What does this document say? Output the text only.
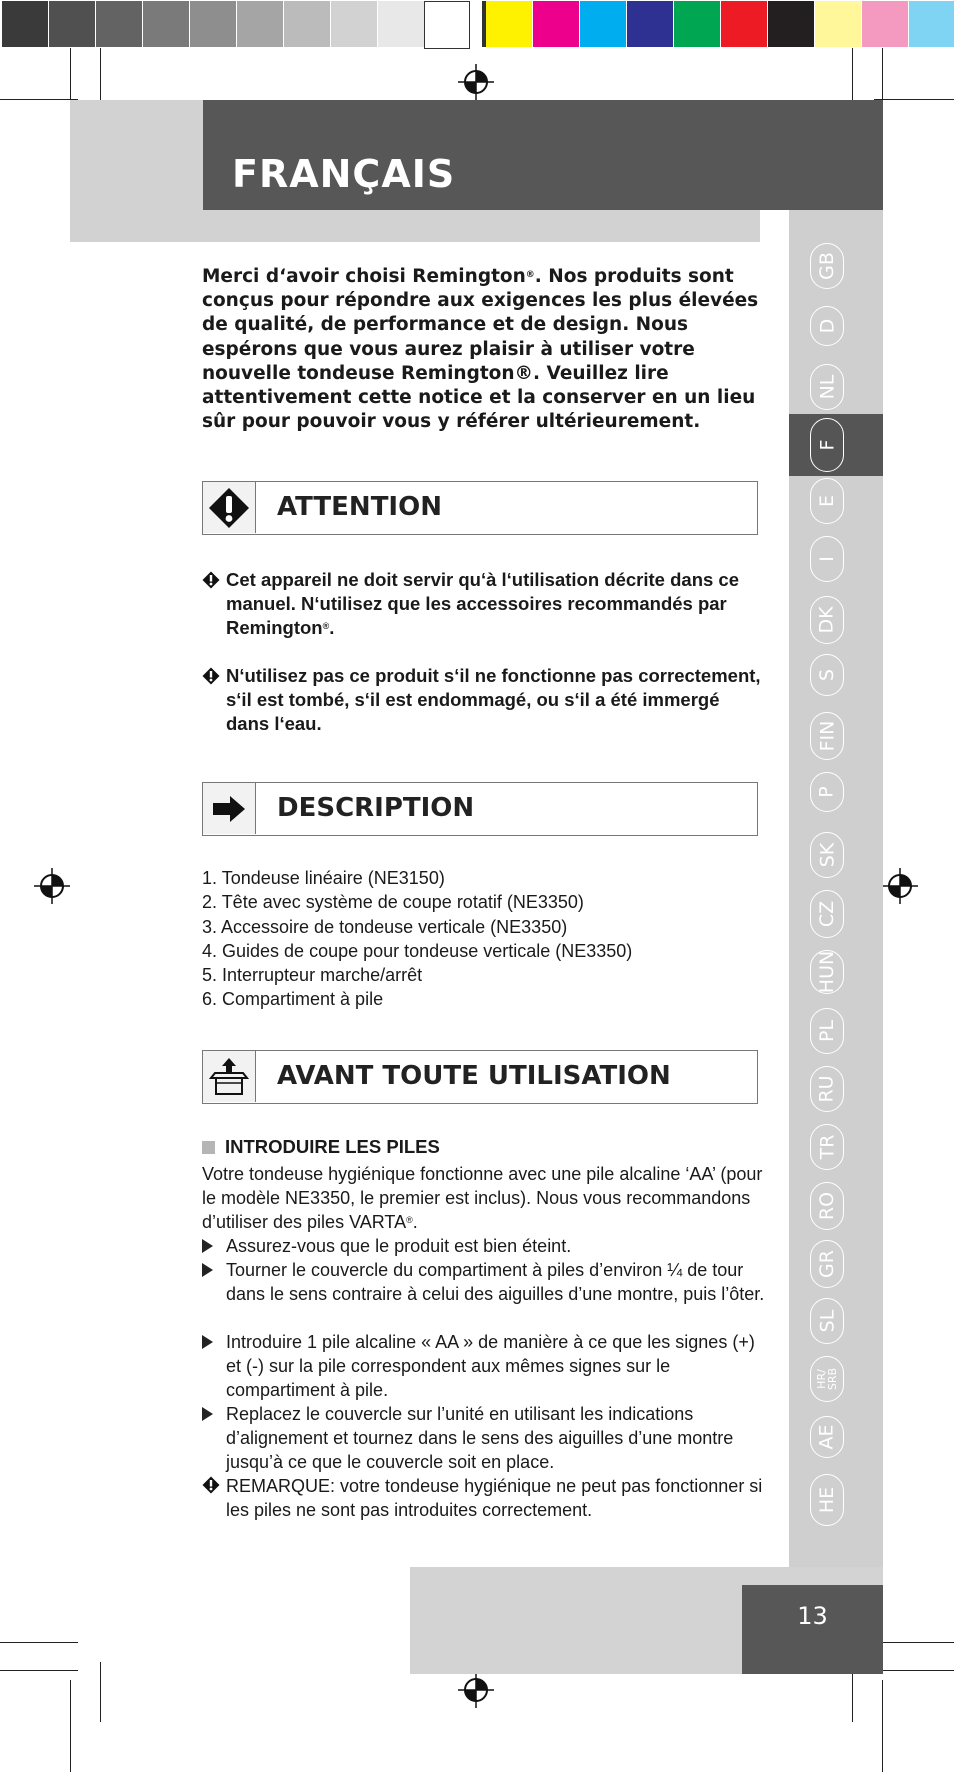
FRANÇAIS
GB
D
NL
F
E
I
DK
S
FIN
P
SK
CZ
HUN
PL
RU
TR
RO
GR
SL
HR/ SRB
AE
HE

Merci d‘avoir choisi Remington®. Nos produits sont conçus pour répondre aux exigences les plus élevées de qualité, de performance et de design. Nous espérons que vous aurez plaisir à utiliser votre nouvelle tondeuse Remington®. Veuillez lire attentivement cette notice et la conserver en un lieu sûr pour pouvoir vous y référer ultérieurement.

ATTENTION
Cet appareil ne doit servir qu‘à l‘utilisation décrite dans ce manuel. N‘utilisez que les accessoires recommandés par Remington®.
N‘utilisez pas ce produit s‘il ne fonctionne pas correctement, s‘il est tombé, s‘il est endommagé, ou s‘il a été immergé dans l‘eau.
DESCRIPTION
1. Tondeuse linéaire (NE3150)
2. Tête avec système de coupe rotatif (NE3350)
3. Accessoire de tondeuse verticale (NE3350)
4. Guides de coupe pour tondeuse verticale (NE3350)
5. Interrupteur marche/arrêt
6. Compartiment à pile
AVANT TOUTE UTILISATION
INTRODUIRE LES PILES

Votre tondeuse hygiénique fonctionne avec une pile alcaline ‘AA’ (pour le modèle NE3350, le premier est inclus). Nous vous recommandons d’utiliser des piles VARTA®.

Assurez-vous que le produit est bien éteint.
Tourner le couvercle du compartiment à piles d’environ ¼ de tour dans le sens contraire à celui des aiguilles d’une montre, puis l’ôter.
Introduire 1 pile alcaline « AA » de manière à ce que les signes (+) et (-) sur la pile correspondent aux mêmes signes sur le compartiment à pile.
Replacez le couvercle sur l’unité en utilisant les indications d’alignement et tournez dans le sens des aiguilles d’une montre jusqu’à ce que le couvercle soit en place.
REMARQUE: votre tondeuse hygiénique ne peut pas fonctionner si les piles ne sont pas introduites correctement.
13
